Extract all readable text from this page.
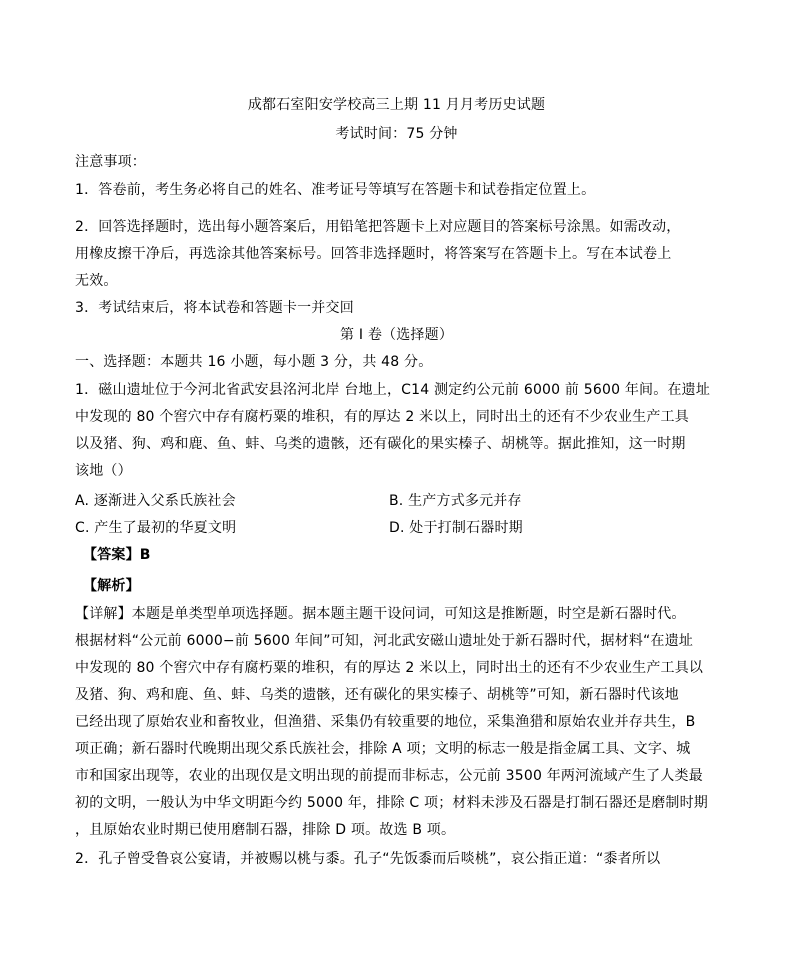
成都石室阳安学校高三上期 11 月月考历史试题
考试时间：75 分钟
注意事项：
1．答卷前，考生务必将自己的姓名、准考证号等填写在答题卡和试卷指定位置上。
2．回答选择题时，选出每小题答案后，用铅笔把答题卡上对应题目的答案标号涂黑。如需改动，
用橡皮擦干净后，再选涂其他答案标号。回答非选择题时，将答案写在答题卡上。写在本试卷上
无效。
3．考试结束后，将本试卷和答题卡一并交回
第 I 卷（选择题）
一、选择题：本题共 16 小题，每小题 3 分，共 48 分。
1．磁山遗址位于今河北省武安县洺河北岸 台地上，C14 测定约公元前 6000 前 5600 年间。在遗址
中发现的 80 个窖穴中存有腐朽粟的堆积，有的厚达 2 米以上，同时出土的还有不少农业生产工具
以及猪、狗、鸡和鹿、鱼、蚌、乌类的遗骸，还有碳化的果实榛子、胡桃等。据此推知，这一时期
该地（）
A. 逐渐进入父系氏族社会	B. 生产方式多元并存
C. 产生了最初的华夏文明	D. 处于打制石器时期
【答案】B
【解析】
【详解】本题是单类型单项选择题。据本题主题干设问词，可知这是推断题，时空是新石器时代。
根据材料“公元前 6000−前 5600 年间”可知，河北武安磁山遗址处于新石器时代，据材料“在遗址
中发现的 80 个窖穴中存有腐朽粟的堆积，有的厚达 2 米以上，同时出土的还有不少农业生产工具以
及猪、狗、鸡和鹿、鱼、蚌、乌类的遗骸，还有碳化的果实榛子、胡桃等”可知，新石器时代该地
已经出现了原始农业和畜牧业，但渔猎、采集仍有较重要的地位，采集渔猎和原始农业并存共生，B
项正确；新石器时代晚期出现父系氏族社会，排除 A 项；文明的标志一般是指金属工具、文字、城
市和国家出现等，农业的出现仅是文明出现的前提而非标志，公元前 3500 年两河流域产生了人类最
初的文明，一般认为中华文明距今约 5000 年，排除 C 项；材料未涉及石器是打制石器还是磨制时期
，且原始农业时期已使用磨制石器，排除 D 项。故选 B 项。
2．孔子曾受鲁哀公宴请，并被赐以桃与黍。孔子“先饭黍而后啖桃”，哀公指正道：“黍者所以
